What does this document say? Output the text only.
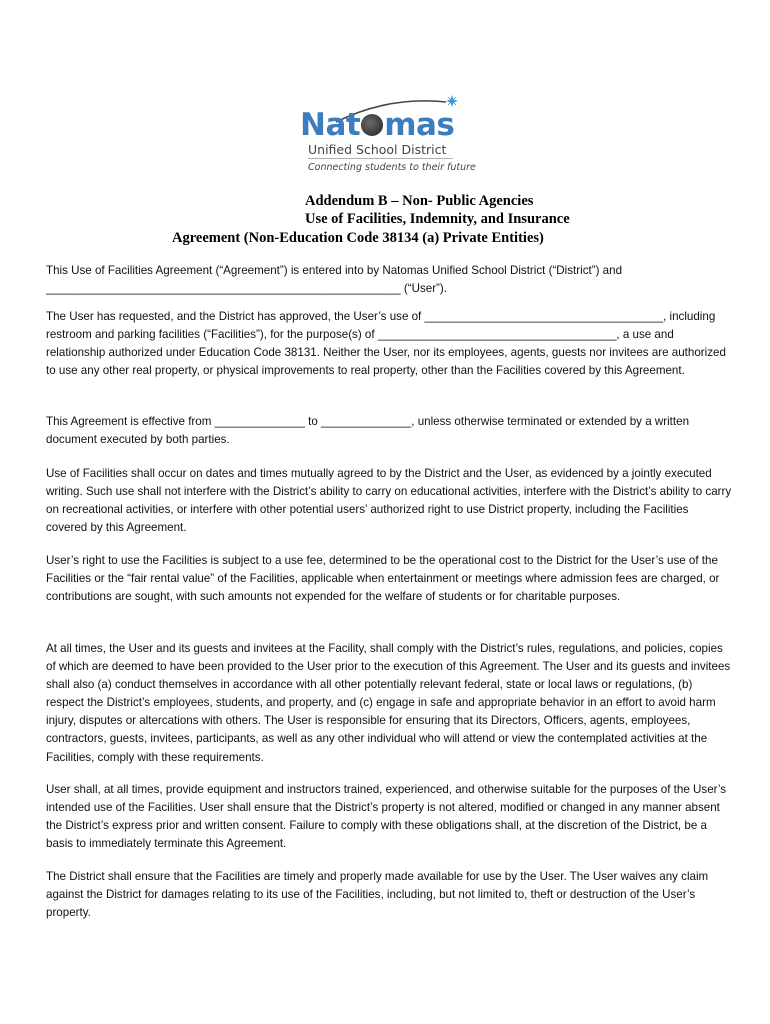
Nat mas
Unified School District
Connecting students to their future
Addendum B – Non- Public Agencies
Use of Facilities, Indemnity, and Insurance
Agreement (Non-Education Code 38134 (a) Private Entities)

This Use of Facilities Agreement (“Agreement”) is entered into by Natomas Unified School District (“District”) and _______________________________________________________ (“User”).

The User has requested, and the District has approved, the User’s use of _____________________________________, including restroom and parking facilities (“Facilities”), for the purpose(s) of _____________________________________, a use and relationship authorized under Education Code 38131. Neither the User, nor its employees, agents, guests nor invitees are authorized to use any other real property, or physical improvements to real property, other than the Facilities covered by this Agreement.

This Agreement is effective from ______________ to ______________, unless otherwise terminated or extended by a written document executed by both parties.

Use of Facilities shall occur on dates and times mutually agreed to by the District and the User, as evidenced by a jointly executed writing. Such use shall not interfere with the District’s ability to carry on educational activities, interfere with the District’s ability to carry on recreational activities, or interfere with other potential users’ authorized right to use District property, including the Facilities covered by this Agreement.

User’s right to use the Facilities is subject to a use fee, determined to be the operational cost to the District for the User’s use of the Facilities or the “fair rental value” of the Facilities, applicable when entertainment or meetings where admission fees are charged, or contributions are sought, with such amounts not expended for the welfare of students or for charitable purposes.

At all times, the User and its guests and invitees at the Facility, shall comply with the District’s rules, regulations, and policies, copies of which are deemed to have been provided to the User prior to the execution of this Agreement. The User and its guests and invitees shall also (a) conduct themselves in accordance with all other potentially relevant federal, state or local laws or regulations, (b) respect the District’s employees, students, and property, and (c) engage in safe and appropriate behavior in an effort to avoid harm injury, disputes or altercations with others. The User is responsible for ensuring that its Directors, Officers, agents, employees, contractors, guests, invitees, participants, as well as any other individual who will attend or view the contemplated activities at the Facilities, comply with these requirements.

User shall, at all times, provide equipment and instructors trained, experienced, and otherwise suitable for the purposes of the User’s intended use of the Facilities. User shall ensure that the District’s property is not altered, modified or changed in any manner absent the District’s express prior and written consent. Failure to comply with these obligations shall, at the discretion of the District, be a basis to immediately terminate this Agreement.

The District shall ensure that the Facilities are timely and properly made available for use by the User. The User waives any claim against the District for damages relating to its use of the Facilities, including, but not limited to, theft or destruction of the User’s property.
